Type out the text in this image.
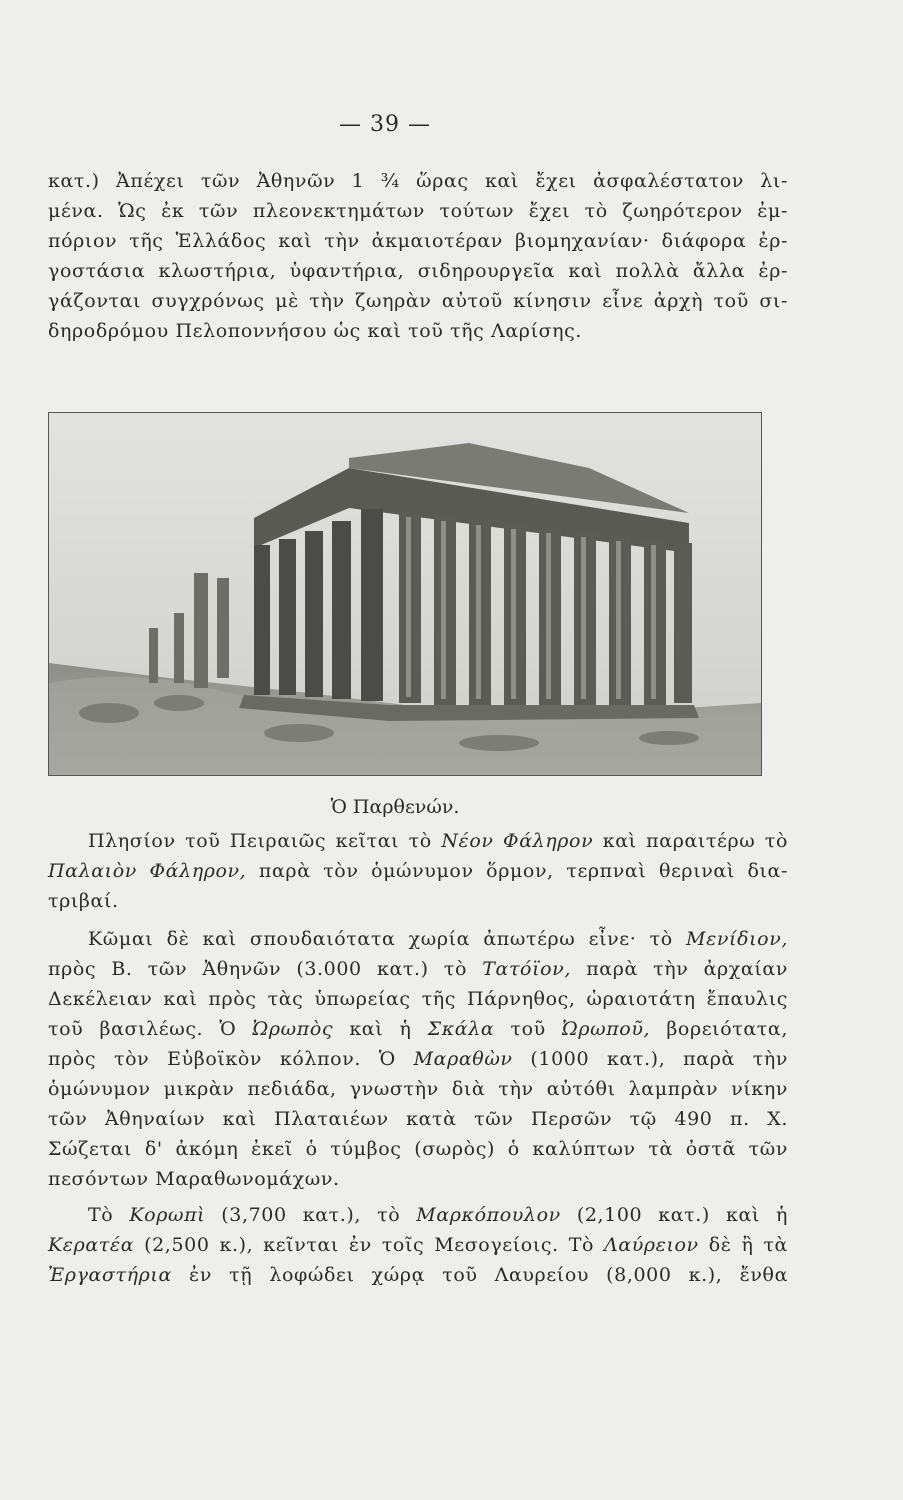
— 39 —
κατ.) Ἀπέχει τῶν Ἀθηνῶν 1 ¾ ὥρας καὶ ἔχει ἀσφαλέστατον λι-
μένα. Ὡς ἐκ τῶν πλεονεκτημάτων τούτων ἔχει τὸ ζωηρότερον ἐμ-
πόριον τῆς Ἑλλάδος καὶ τὴν ἀκμαιοτέραν βιομηχανίαν· διάφορα ἐρ-
γοστάσια κλωστήρια, ὑφαντήρια, σιδηρουργεῖα καὶ πολλὰ ἄλλα ἐρ-
γάζονται συγχρόνως μὲ τὴν ζωηρὰν αὐτοῦ κίνησιν εἶνε ἀρχὴ τοῦ σι-
δηροδρόμου Πελοποννήσου ὡς καὶ τοῦ τῆς Λαρίσης.
Ὁ Παρθενών.
Πλησίον τοῦ Πειραιῶς κεῖται τὸ Νέον Φάληρον καὶ παραιτέρω τὸ
Παλαιὸν Φάληρον, παρὰ τὸν ὁμώνυμον ὅρμον, τερπναὶ θεριναὶ δια-
τριβαί.
Κῶμαι δὲ καὶ σπουδαιότατα χωρία ἀπωτέρω εἶνε· τὸ Μενίδιον,
πρὸς Β. τῶν Ἀθηνῶν (3.000 κατ.) τὸ Τατόϊον, παρὰ τὴν ἀρχαίαν
Δεκέλειαν καὶ πρὸς τὰς ὑπωρείας τῆς Πάρνηθος, ὡραιοτάτη ἔπαυλις
τοῦ βασιλέως. Ὁ Ὠρωπὸς καὶ ἡ Σκάλα τοῦ Ὠρωποῦ, βορειότατα,
πρὸς τὸν Εὐβοϊκὸν κόλπον. Ὁ Μαραθὼν (1000 κατ.), παρὰ τὴν
ὁμώνυμον μικρὰν πεδιάδα, γνωστὴν διὰ τὴν αὐτόθι λαμπρὰν νίκην
τῶν Ἀθηναίων καὶ Πλαταιέων κατὰ τῶν Περσῶν τῷ 490 π. Χ.
Σώζεται δ' ἀκόμη ἐκεῖ ὁ τύμβος (σωρὸς) ὁ καλύπτων τὰ ὀστᾶ τῶν
πεσόντων Μαραθωνομάχων.
Τὸ Κορωπὶ (3,700 κατ.), τὸ Μαρκόπουλον (2,100 κατ.) καὶ ἡ
Κερατέα (2,500 κ.), κεῖνται ἐν τοῖς Μεσογείοις. Τὸ Λαύρειον δὲ ἢ τὰ
Ἐργαστήρια ἐν τῇ λοφώδει χώρᾳ τοῦ Λαυρείου (8,000 κ.), ἔνθα
